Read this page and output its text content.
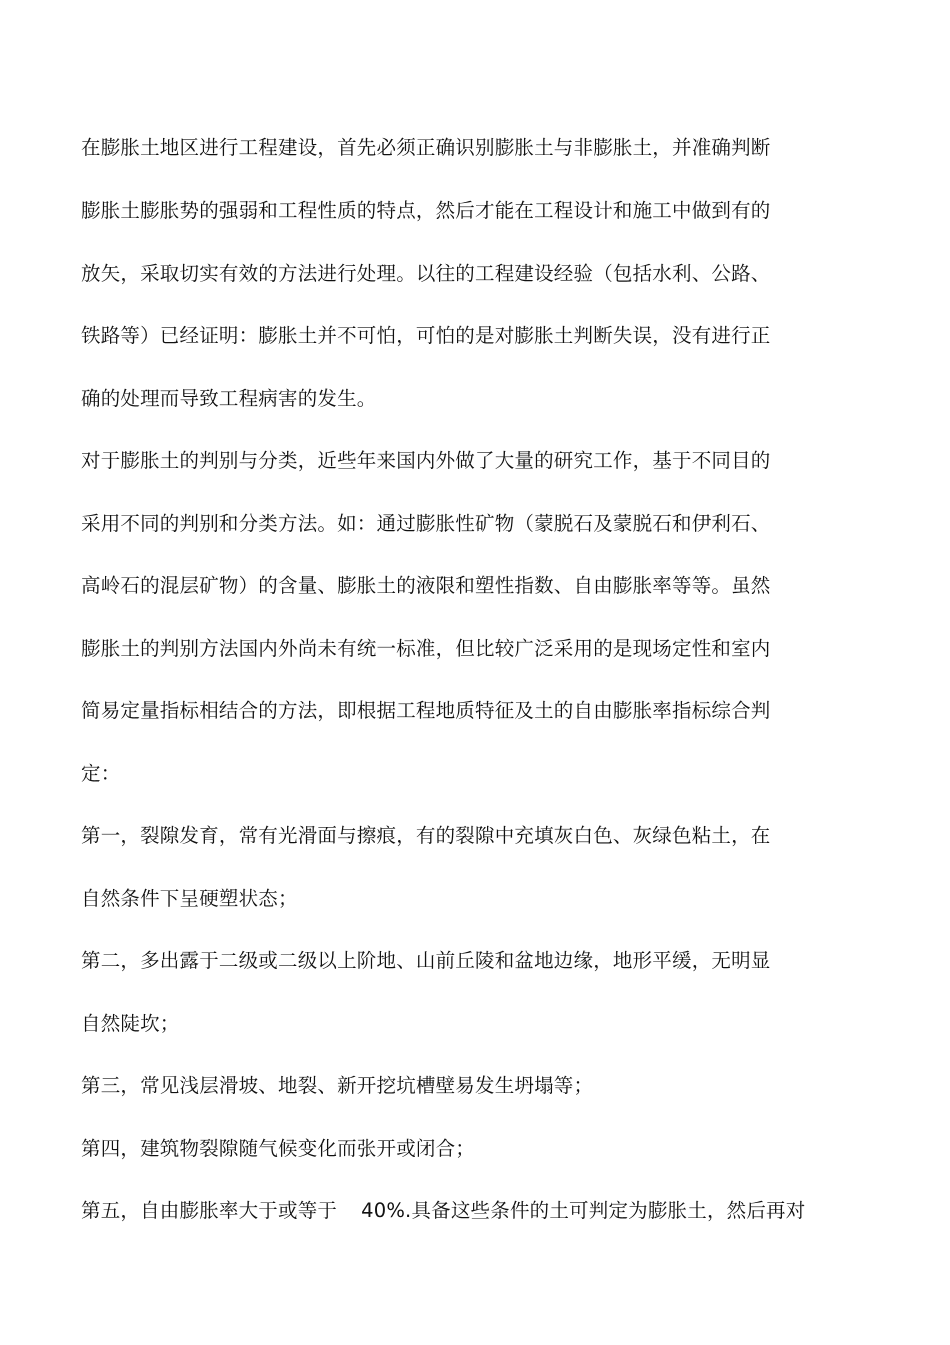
在膨胀土地区进行工程建设，首先必须正确识别膨胀土与非膨胀土，并准确判断
膨胀土膨胀势的强弱和工程性质的特点，然后才能在工程设计和施工中做到有的
放矢，采取切实有效的方法进行处理。以往的工程建设经验（包括水利、公路、
铁路等）已经证明：膨胀土并不可怕，可怕的是对膨胀土判断失误，没有进行正
确的处理而导致工程病害的发生。
对于膨胀土的判别与分类，近些年来国内外做了大量的研究工作，基于不同目的
采用不同的判别和分类方法。如：通过膨胀性矿物（蒙脱石及蒙脱石和伊利石、
高岭石的混层矿物）的含量、膨胀土的液限和塑性指数、自由膨胀率等等。虽然
膨胀土的判别方法国内外尚未有统一标准，但比较广泛采用的是现场定性和室内
简易定量指标相结合的方法，即根据工程地质特征及土的自由膨胀率指标综合判
定：
第一，裂隙发育，常有光滑面与擦痕，有的裂隙中充填灰白色、灰绿色粘土，在
自然条件下呈硬塑状态；
第二，多出露于二级或二级以上阶地、山前丘陵和盆地边缘，地形平缓，无明显
自然陡坎；
第三，常见浅层滑坡、地裂、新开挖坑槽壁易发生坍塌等；
第四，建筑物裂隙随气候变化而张开或闭合；
第五，自由膨胀率大于或等于 40%.具备这些条件的土可判定为膨胀土，然后再对
